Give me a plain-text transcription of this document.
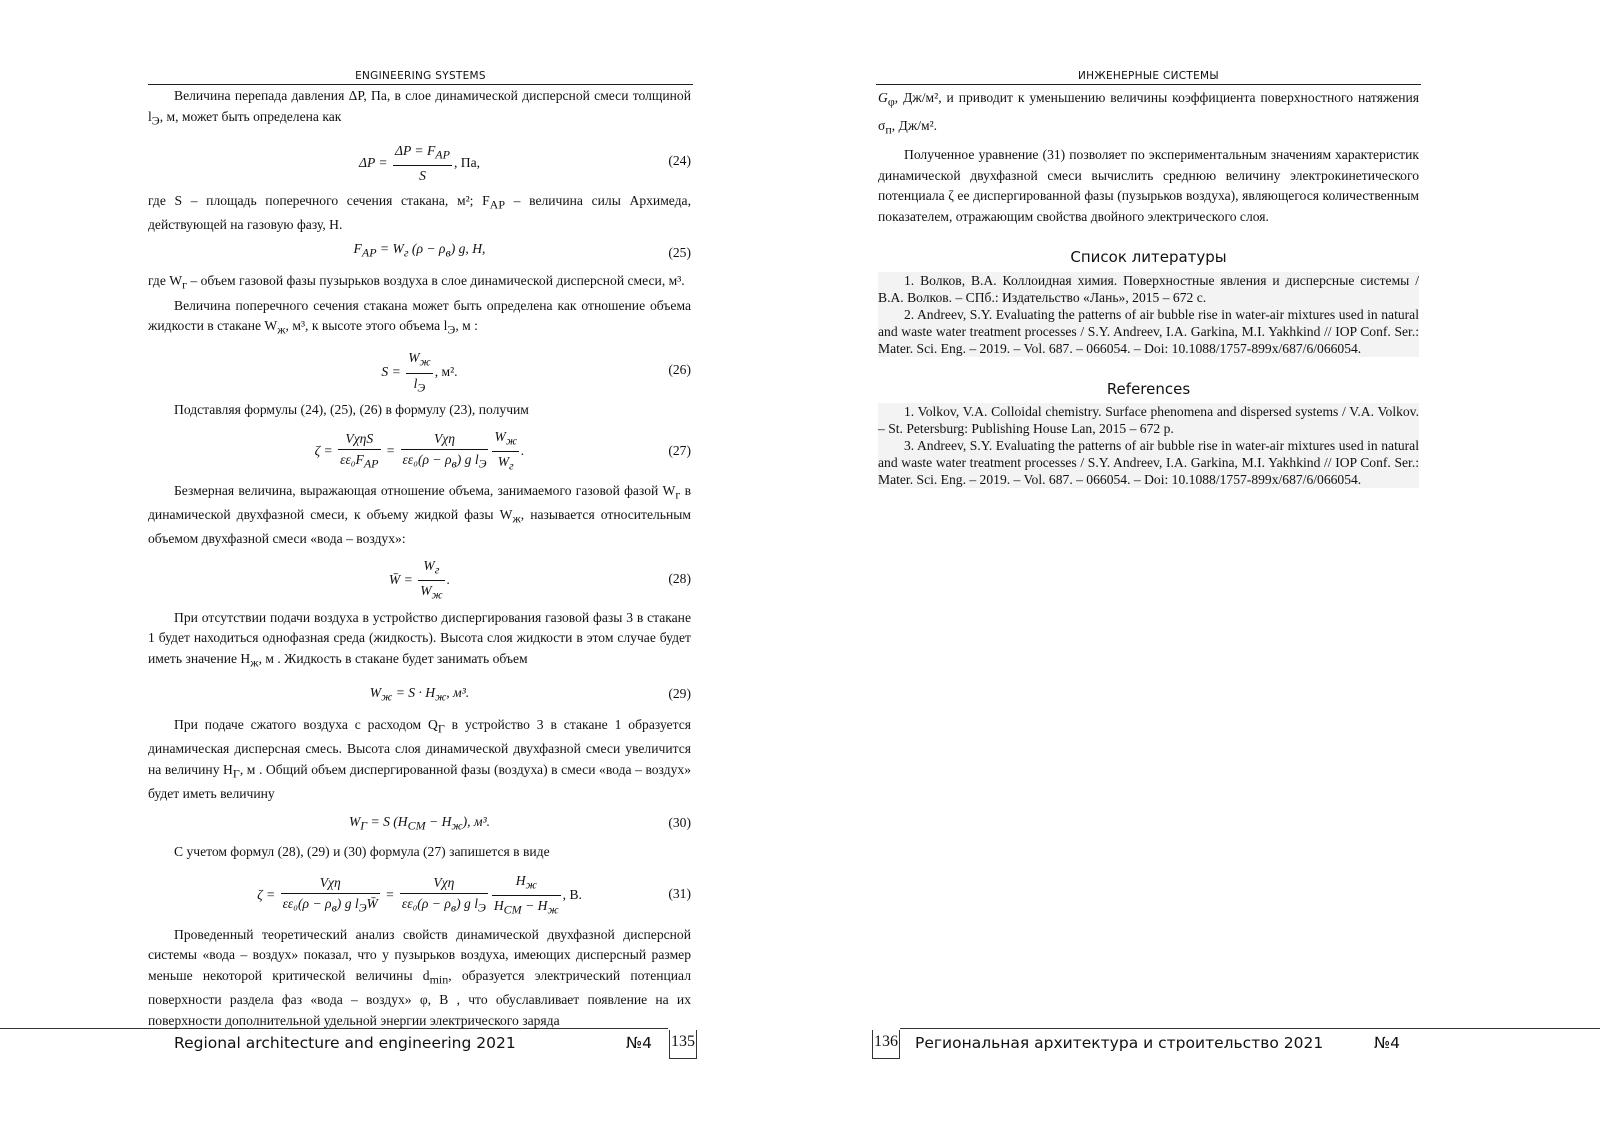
ENGINEERING SYSTEMS

Величина перепада давления ΔP, Па, в слое динамической дисперсной смеси толщиной $l_Э$, м, может быть определена как

$\Delta P = \frac{\Delta P = F_{АР}}{S}$ , Па,	(24)

где S – площадь поперечного сечения стакана, м²; $F_{АР}$ – величина силы Архимеда, действующей на газовую фазу, Н.

$F_{АР} = W_г$ $(\rho - \rho_в)$ g, Н,	(25)

где $W_г$ – объем газовой фазы пузырьков воздуха в слое динамической дисперсной смеси, м³.

Величина поперечного сечения стакана может быть определена как отношение объема жидкости в стакане $W_ж$, м³, к высоте этого объема $l_Э$, м :

$S = \frac{W_ж}{l_Э}$ , м².	(26)

Подставляя формулы (24), (25), (26) в формулу (23), получим

$\zeta = \frac{\text{VχηS}}{\varepsilon\varepsilon_0F_{АР}} = \frac{\text{Vχη}}{\varepsilon\varepsilon_0(\rho - \rho_в) g l_Э} \frac{W_ж}{W_г}$ .	(27)

Безмерная величина, выражающая отношение объема, занимаемого газовой фазой $W_г$ в динамической двухфазной смеси, к объему жидкой фазы $W_ж$, называется относительным объемом двухфазной смеси «вода – воздух»:

W̄ = $\frac{W_г}{W_ж}$ .	(28)

При отсутствии подачи воздуха в устройство диспергирования газовой фазы 3 в стакане 1 будет находиться однофазная среда (жидкость). Высота слоя жидкости в этом случае будет иметь значение $H_ж$, м . Жидкость в стакане будет занимать объем

$W_ж = S \cdot H_ж$, м³.	(29)

При подаче сжатого воздуха с расходом $Q_Г$ в устройство 3 в стакане 1 образуется динамическая дисперсная смесь. Высота слоя динамической двухфазной смеси увеличится на величину $H_Г$, м . Общий объем диспергированной фазы (воздуха) в смеси «вода – воздух» будет иметь величину

$W_Г = S$ $(H_{СМ} - H_ж)$, м³.	(30)

С учетом формул (28), (29) и (30) формула (27) запишется в виде

$\zeta = \frac{\text{Vχη}}{\varepsilon\varepsilon_0(\rho - \rho_в) g l_ЭW̄} = \frac{\text{Vχη}}{\varepsilon\varepsilon_0(\rho - \rho_в) g l_Э} \frac{H_ж}{H_{СМ} - H_ж}$ , В.	(31)

Проведенный теоретический анализ свойств динамической двухфазной дисперсной системы «вода – воздух» показал, что у пузырьков воздуха, имеющих дисперсный размер меньше некоторой критической величины $d_{min}$, образуется электрический потенциал поверхности раздела фаз «вода – воздух» φ, В , что обуславливает появление на их поверхности дополнительной удельной энергии электрического заряда

Regional architecture and engineering 2021	№4 135
ИНЖЕНЕРНЫЕ СИСТЕМЫ

$G_\varphi$, Дж/м², и приводит к уменьшению величины коэффициента поверхностного натяжения $\sigma_п$, Дж/м².

Полученное уравнение (31) позволяет по экспериментальным значениям характеристик динамической двухфазной смеси вычислить среднюю величину электрокинетического потенциала ζ ее диспергированной фазы (пузырьков воздуха), являющегося количественным показателем, отражающим свойства двойного электрического слоя.

Список литературы

1. Волков, В.А. Коллоидная химия. Поверхностные явления и дисперсные системы / В.А. Волков. – СПб.: Издательство «Лань», 2015 – 672 с.

2. Andreev, S.Y. Evaluating the patterns of air bubble rise in water-air mixtures used in natural and waste water treatment processes / S.Y. Andreev, I.A. Garkina, M.I. Yakhkind // IOP Conf. Ser.: Mater. Sci. Eng. – 2019. – Vol. 687. – 066054. – Doi: 10.1088/1757-899x/687/6/066054.

References

1. Volkov, V.A. Colloidal chemistry. Surface phenomena and dispersed systems / V.A. Volkov. – St. Petersburg: Publishing House Lan, 2015 – 672 p.

3. Andreev, S.Y. Evaluating the patterns of air bubble rise in water-air mixtures used in natural and waste water treatment processes / S.Y. Andreev, I.A. Garkina, M.I. Yakhkind // IOP Conf. Ser.: Mater. Sci. Eng. – 2019. – Vol. 687. – 066054. – Doi: 10.1088/1757-899x/687/6/066054.

136 Региональная архитектура и строительство 2021	№4
